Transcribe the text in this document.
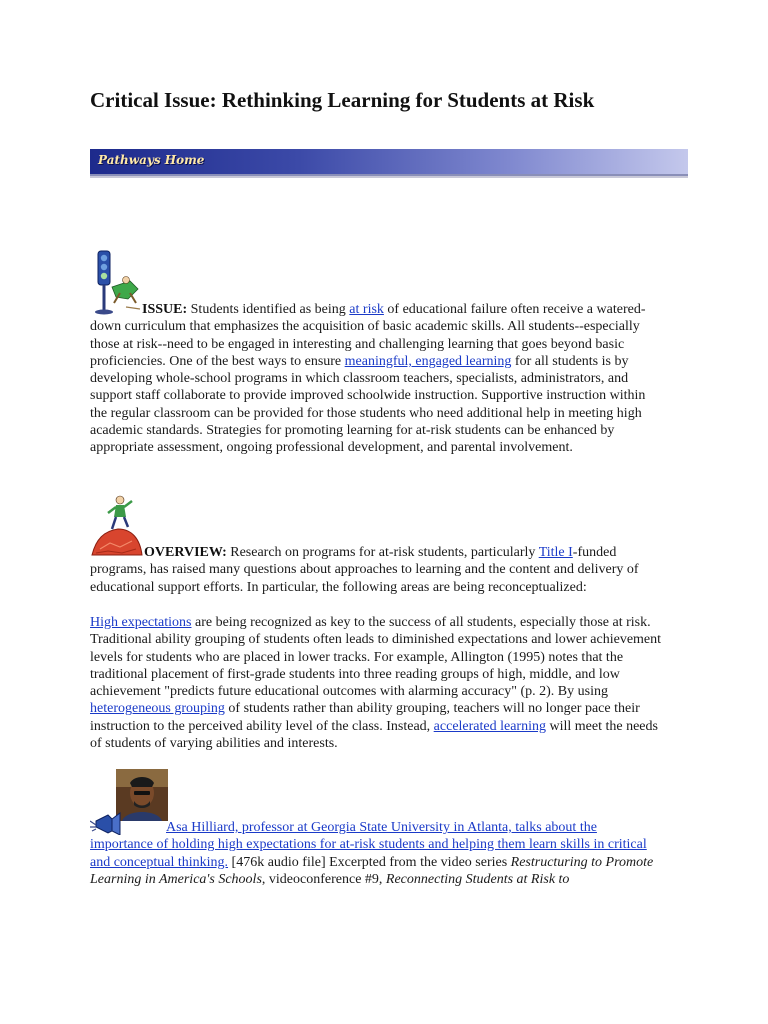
Critical Issue: Rethinking Learning for Students at Risk
Pathways Home

ISSUE: Students identified as being at risk of educational failure often receive a watered-down curriculum that emphasizes the acquisition of basic academic skills. All students--especially those at risk--need to be engaged in interesting and challenging learning that goes beyond basic proficiencies. One of the best ways to ensure meaningful, engaged learning for all students is by developing whole-school programs in which classroom teachers, specialists, administrators, and support staff collaborate to provide improved schoolwide instruction. Supportive instruction within the regular classroom can be provided for those students who need additional help in meeting high academic standards. Strategies for promoting learning for at-risk students can be enhanced by appropriate assessment, ongoing professional development, and parental involvement.

OVERVIEW: Research on programs for at-risk students, particularly Title I-funded programs, has raised many questions about approaches to learning and the content and delivery of educational support efforts. In particular, the following areas are being reconceptualized:

High expectations are being recognized as key to the success of all students, especially those at risk. Traditional ability grouping of students often leads to diminished expectations and lower achievement levels for students who are placed in lower tracks. For example, Allington (1995) notes that the traditional placement of first-grade students into three reading groups of high, middle, and low achievement "predicts future educational outcomes with alarming accuracy" (p. 2). By using heterogeneous grouping of students rather than ability grouping, teachers will no longer pace their instruction to the perceived ability level of the class. Instead, accelerated learning will meet the needs of students of varying abilities and interests.

Asa Hilliard, professor at Georgia State University in Atlanta, talks about the importance of holding high expectations for at-risk students and helping them learn skills in critical and conceptual thinking. [476k audio file] Excerpted from the video series Restructuring to Promote Learning in America's Schools, videoconference #9, Reconnecting Students at Risk to
